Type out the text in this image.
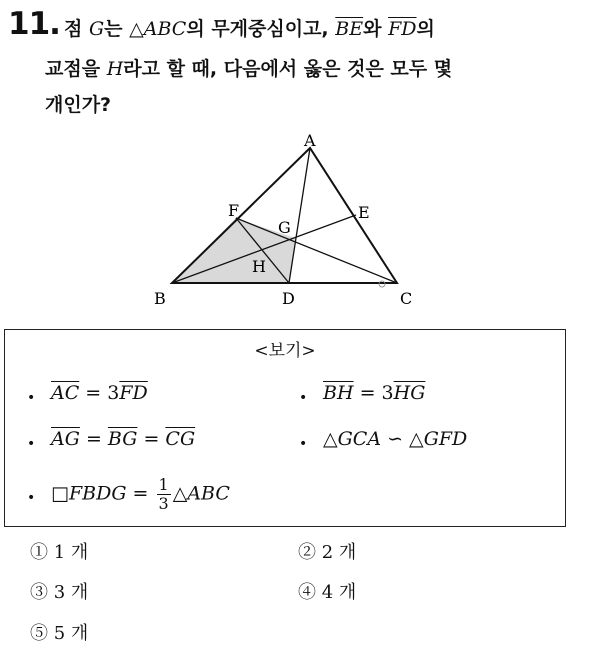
11. 점 G는 △ABC의 무게중심이고, $\overline{BE}$와 $\overline{FD}$의
교점을 H라고 할 때, 다음에서 옳은 것은 모두 몇
개인가?
A
B	C
D
E
F
G
H
<보기>
• $\overline{AC} = 3\overline{FD}$	• $\overline{BH} = 3\overline{HG}$
• $\overline{AG} = \overline{BG} = \overline{CG}$	• △GCA ∽ △GFD
• □FBDG = $\frac{1}{3}$ △ABC
① 1 개	② 2 개
③ 3 개	④ 4 개
⑤ 5 개
